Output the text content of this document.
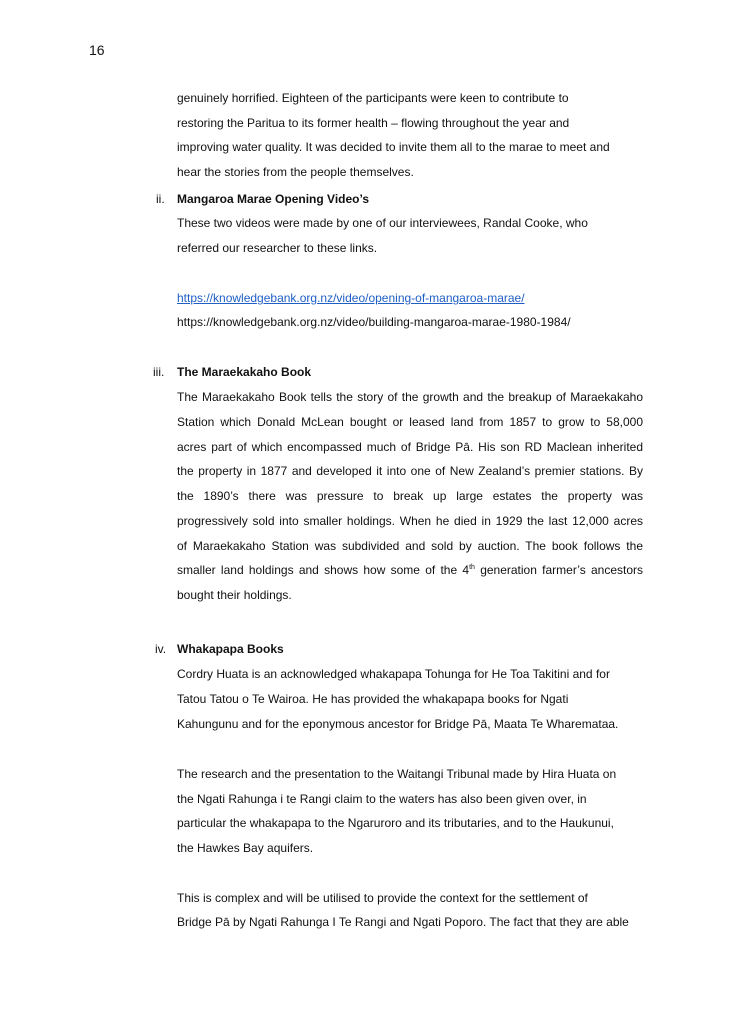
16
genuinely horrified. Eighteen of the participants were keen to contribute to
restoring the Paritua to its former health – flowing throughout the year and
improving water quality. It was decided to invite them all to the marae to meet and
hear the stories from the people themselves.
ii. Mangaroa Marae Opening Video’s
These two videos were made by one of our interviewees, Randal Cooke, who
referred our researcher to these links.
https://knowledgebank.org.nz/video/opening-of-mangaroa-marae/
https://knowledgebank.org.nz/video/building-mangaroa-marae-1980-1984/
iii. The Maraekakaho Book
The Maraekakaho Book tells the story of the growth and the breakup of Maraekakaho
Station which Donald McLean bought or leased land from 1857 to grow to 58,000
acres part of which encompassed much of Bridge Pā. His son RD Maclean inherited
the property in 1877 and developed it into one of New Zealand’s premier stations. By
the 1890’s there was pressure to break up large estates the property was
progressively sold into smaller holdings. When he died in 1929 the last 12,000 acres
of Maraekakaho Station was subdivided and sold by auction. The book follows the
smaller land holdings and shows how some of the 4th generation farmer’s ancestors
bought their holdings.
iv. Whakapapa Books
Cordry Huata is an acknowledged whakapapa Tohunga for He Toa Takitini and for
Tatou Tatou o Te Wairoa. He has provided the whakapapa books for Ngati
Kahungunu and for the eponymous ancestor for Bridge Pā, Maata Te Wharemataa.
The research and the presentation to the Waitangi Tribunal made by Hira Huata on
the Ngati Rahunga i te Rangi claim to the waters has also been given over, in
particular the whakapapa to the Ngaruroro and its tributaries, and to the Haukunui,
the Hawkes Bay aquifers.
This is complex and will be utilised to provide the context for the settlement of
Bridge Pā by Ngati Rahunga I Te Rangi and Ngati Poporo. The fact that they are able
